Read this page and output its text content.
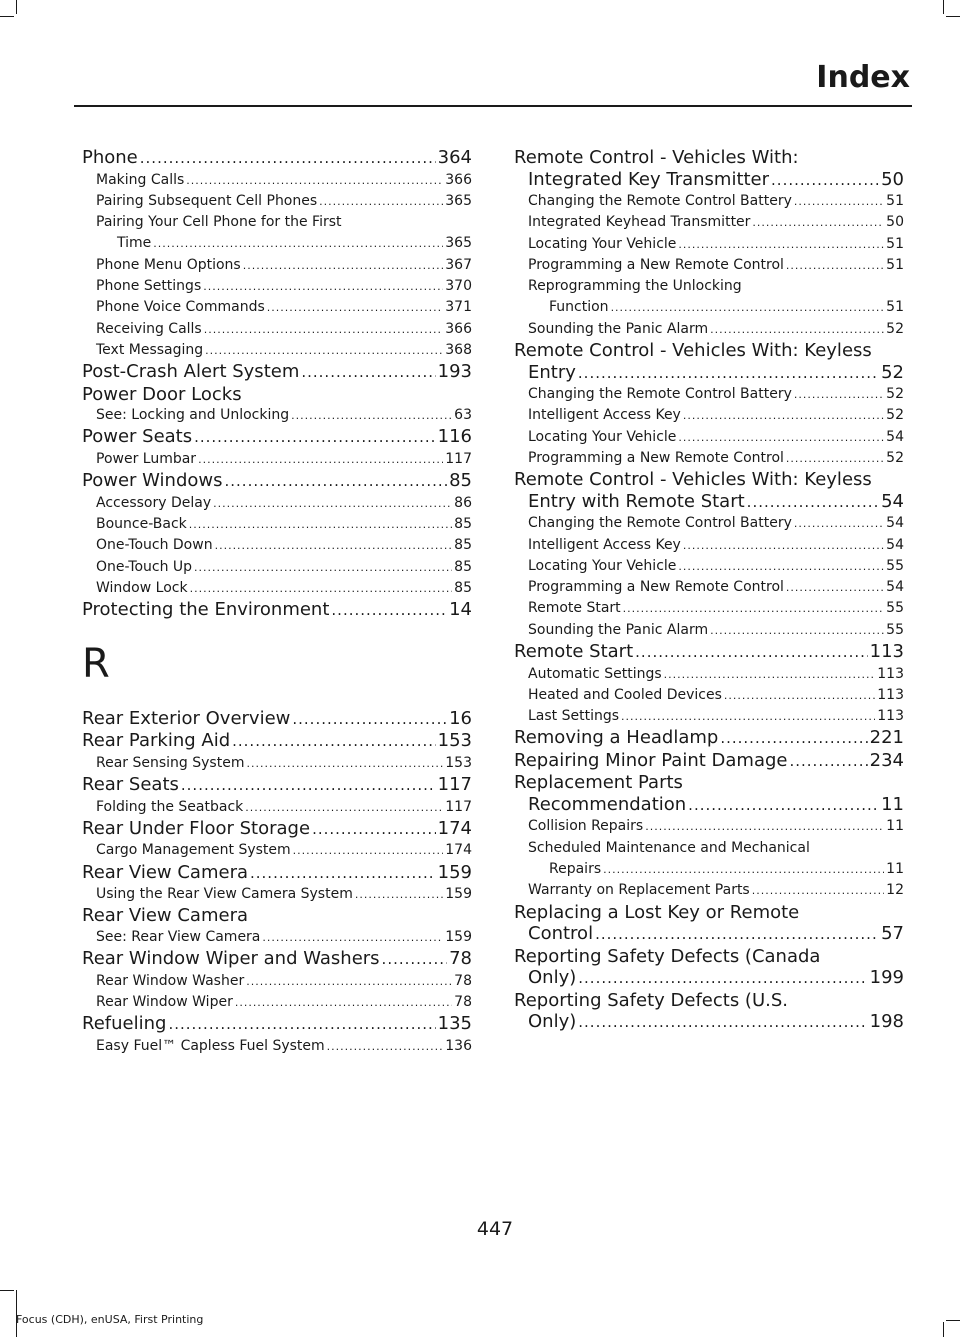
Index
Phone .....	364
Making Calls .....	366
Pairing Subsequent Cell Phones .....	365
Pairing Your Cell Phone for the First
Time .....	365
Phone Menu Options .....	367
Phone Settings .....	370
Phone Voice Commands .....	371
Receiving Calls .....	366
Text Messaging .....	368
Post-Crash Alert System .....	193
Power Door Locks
See: Locking and Unlocking .....	63
Power Seats .....	116
Power Lumbar .....	117
Power Windows .....	85
Accessory Delay .....	86
Bounce-Back .....	85
One-Touch Down .....	85
One-Touch Up .....	85
Window Lock .....	85
Protecting the Environment .....	14
R
Rear Exterior Overview .....	16
Rear Parking Aid .....	153
Rear Sensing System .....	153
Rear Seats .....	117
Folding the Seatback .....	117
Rear Under Floor Storage .....	174
Cargo Management System .....	174
Rear View Camera .....	159
Using the Rear View Camera System .....	159
Rear View Camera
See: Rear View Camera .....	159
Rear Window Wiper and Washers .....	78
Rear Window Washer .....	78
Rear Window Wiper .....	78
Refueling .....	135
Easy Fuel™ Capless Fuel System .....	136
Remote Control - Vehicles With:
Integrated Key Transmitter .....	50
Changing the Remote Control Battery .....	51
Integrated Keyhead Transmitter .....	50
Locating Your Vehicle .....	51
Programming a New Remote Control .....	51
Reprogramming the Unlocking
Function .....	51
Sounding the Panic Alarm .....	52
Remote Control - Vehicles With: Keyless
Entry .....	52
Changing the Remote Control Battery .....	52
Intelligent Access Key .....	52
Locating Your Vehicle .....	54
Programming a New Remote Control .....	52
Remote Control - Vehicles With: Keyless
Entry with Remote Start .....	54
Changing the Remote Control Battery .....	54
Intelligent Access Key .....	54
Locating Your Vehicle .....	55
Programming a New Remote Control .....	54
Remote Start .....	55
Sounding the Panic Alarm .....	55
Remote Start .....	113
Automatic Settings .....	113
Heated and Cooled Devices .....	113
Last Settings .....	113
Removing a Headlamp .....	221
Repairing Minor Paint Damage .....	234
Replacement Parts
Recommendation .....	11
Collision Repairs .....	11
Scheduled Maintenance and Mechanical
Repairs .....	11
Warranty on Replacement Parts .....	12
Replacing a Lost Key or Remote
Control .....	57
Reporting Safety Defects (Canada
Only) .....	199
Reporting Safety Defects (U.S.
Only) .....	198
447
Focus (CDH), enUSA, First Printing
